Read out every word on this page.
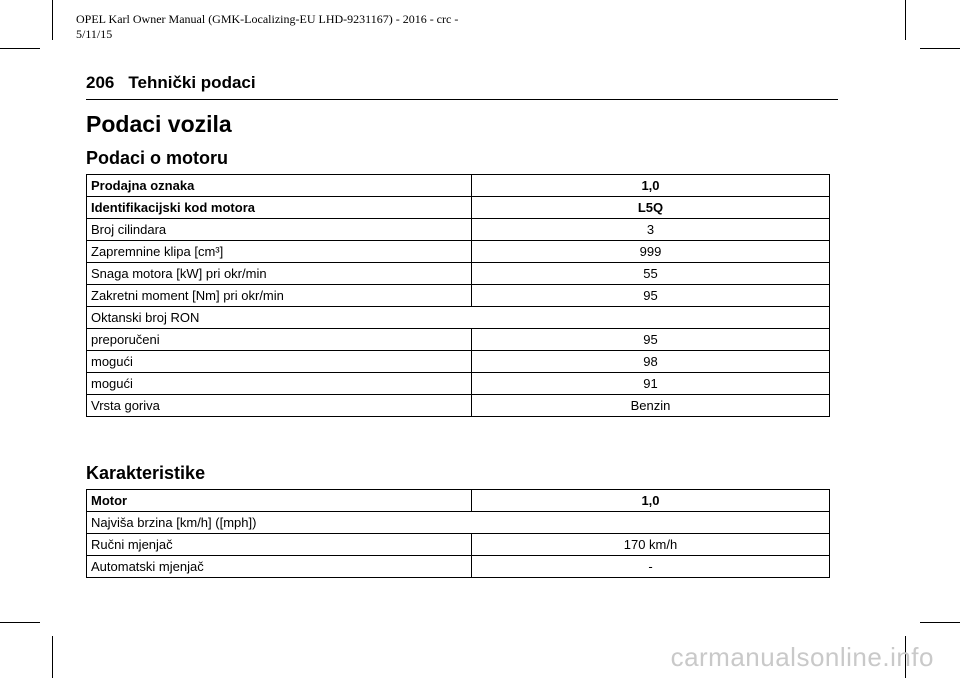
OPEL Karl Owner Manual (GMK-Localizing-EU LHD-9231167) - 2016 - crc - 5/11/15
206 Tehnički podaci
Podaci vozila
Podaci o motoru
Prodajna oznaka	1,0
Identifikacijski kod motora	L5Q
Broj cilindara	3
Zapremnine klipa [cm³]	999
Snaga motora [kW] pri okr/min	55
Zakretni moment [Nm] pri okr/min	95
Oktanski broj RON	
preporučeni	95
mogući	98
mogući	91
Vrsta goriva	Benzin
Karakteristike
Motor	1,0
Najviša brzina [km/h] ([mph])	
Ručni mjenjač	170 km/h
Automatski mjenjač	-
carmanualsonline.info
